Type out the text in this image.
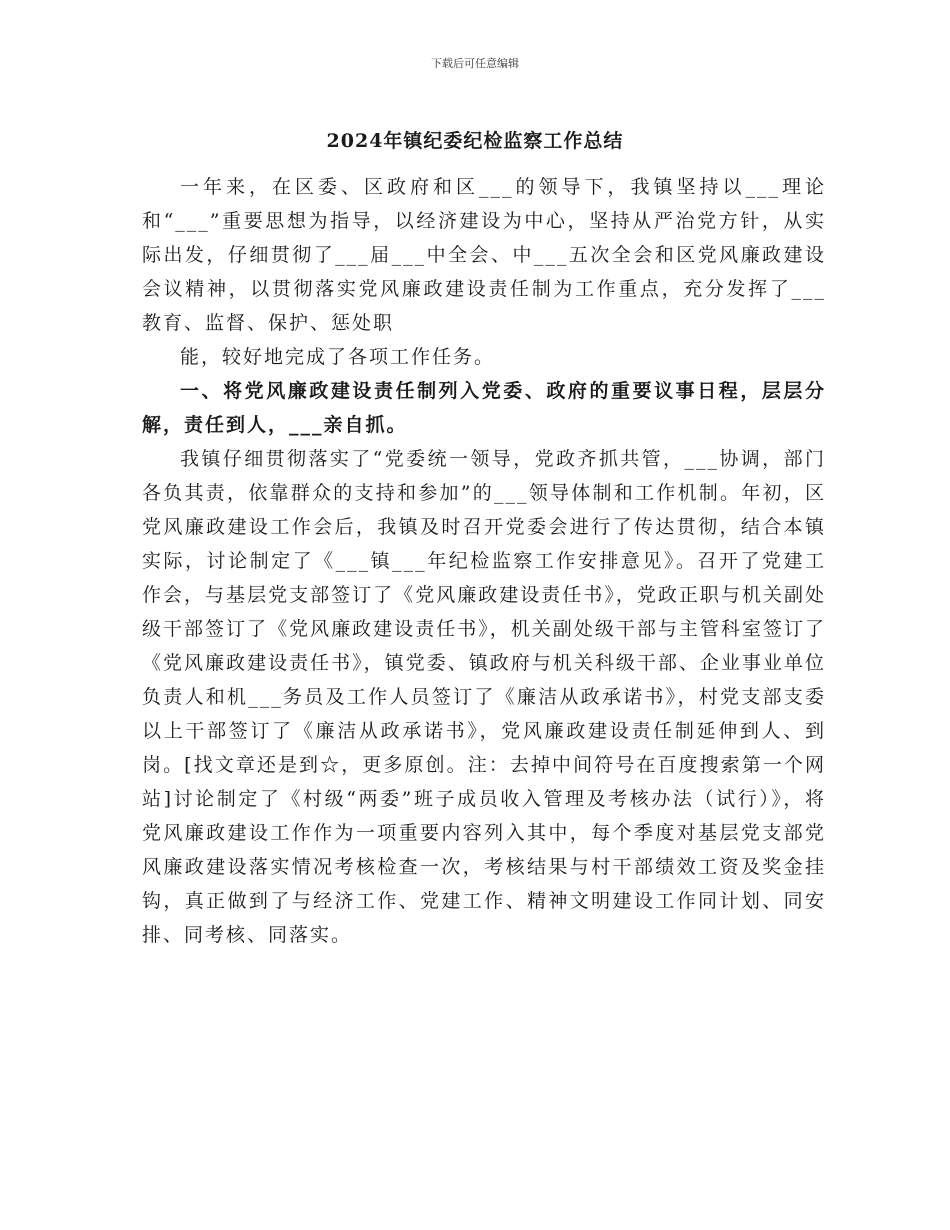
下载后可任意编辑
2024年镇纪委纪检监察工作总结

一年来，在区委、区政府和区___的领导下，我镇坚持以___理论和“___”重要思想为指导，以经济建设为中心，坚持从严治党方针，从实际出发，仔细贯彻了___届___中全会、中___五次全会和区党风廉政建设会议精神，以贯彻落实党风廉政建设责任制为工作重点，充分发挥了___教育、监督、保护、惩处职

能，较好地完成了各项工作任务。

一、将党风廉政建设责任制列入党委、政府的重要议事日程，层层分解，责任到人，___亲自抓。

我镇仔细贯彻落实了“党委统一领导，党政齐抓共管，___协调，部门各负其责，依靠群众的支持和参加”的___领导体制和工作机制。年初，区党风廉政建设工作会后，我镇及时召开党委会进行了传达贯彻，结合本镇实际，讨论制定了《___镇___年纪检监察工作安排意见》。召开了党建工作会，与基层党支部签订了《党风廉政建设责任书》，党政正职与机关副处级干部签订了《党风廉政建设责任书》，机关副处级干部与主管科室签订了《党风廉政建设责任书》，镇党委、镇政府与机关科级干部、企业事业单位负责人和机___务员及工作人员签订了《廉洁从政承诺书》，村党支部支委以上干部签订了《廉洁从政承诺书》，党风廉政建设责任制延伸到人、到岗。[找文章还是到☆，更多原创。注：去掉中间符号在百度搜索第一个网站]讨论制定了《村级“两委”班子成员收入管理及考核办法（试行）》，将党风廉政建设工作作为一项重要内容列入其中，每个季度对基层党支部党风廉政建设落实情况考核检查一次，考核结果与村干部绩效工资及奖金挂钩，真正做到了与经济工作、党建工作、精神文明建设工作同计划、同安排、同考核、同落实。
